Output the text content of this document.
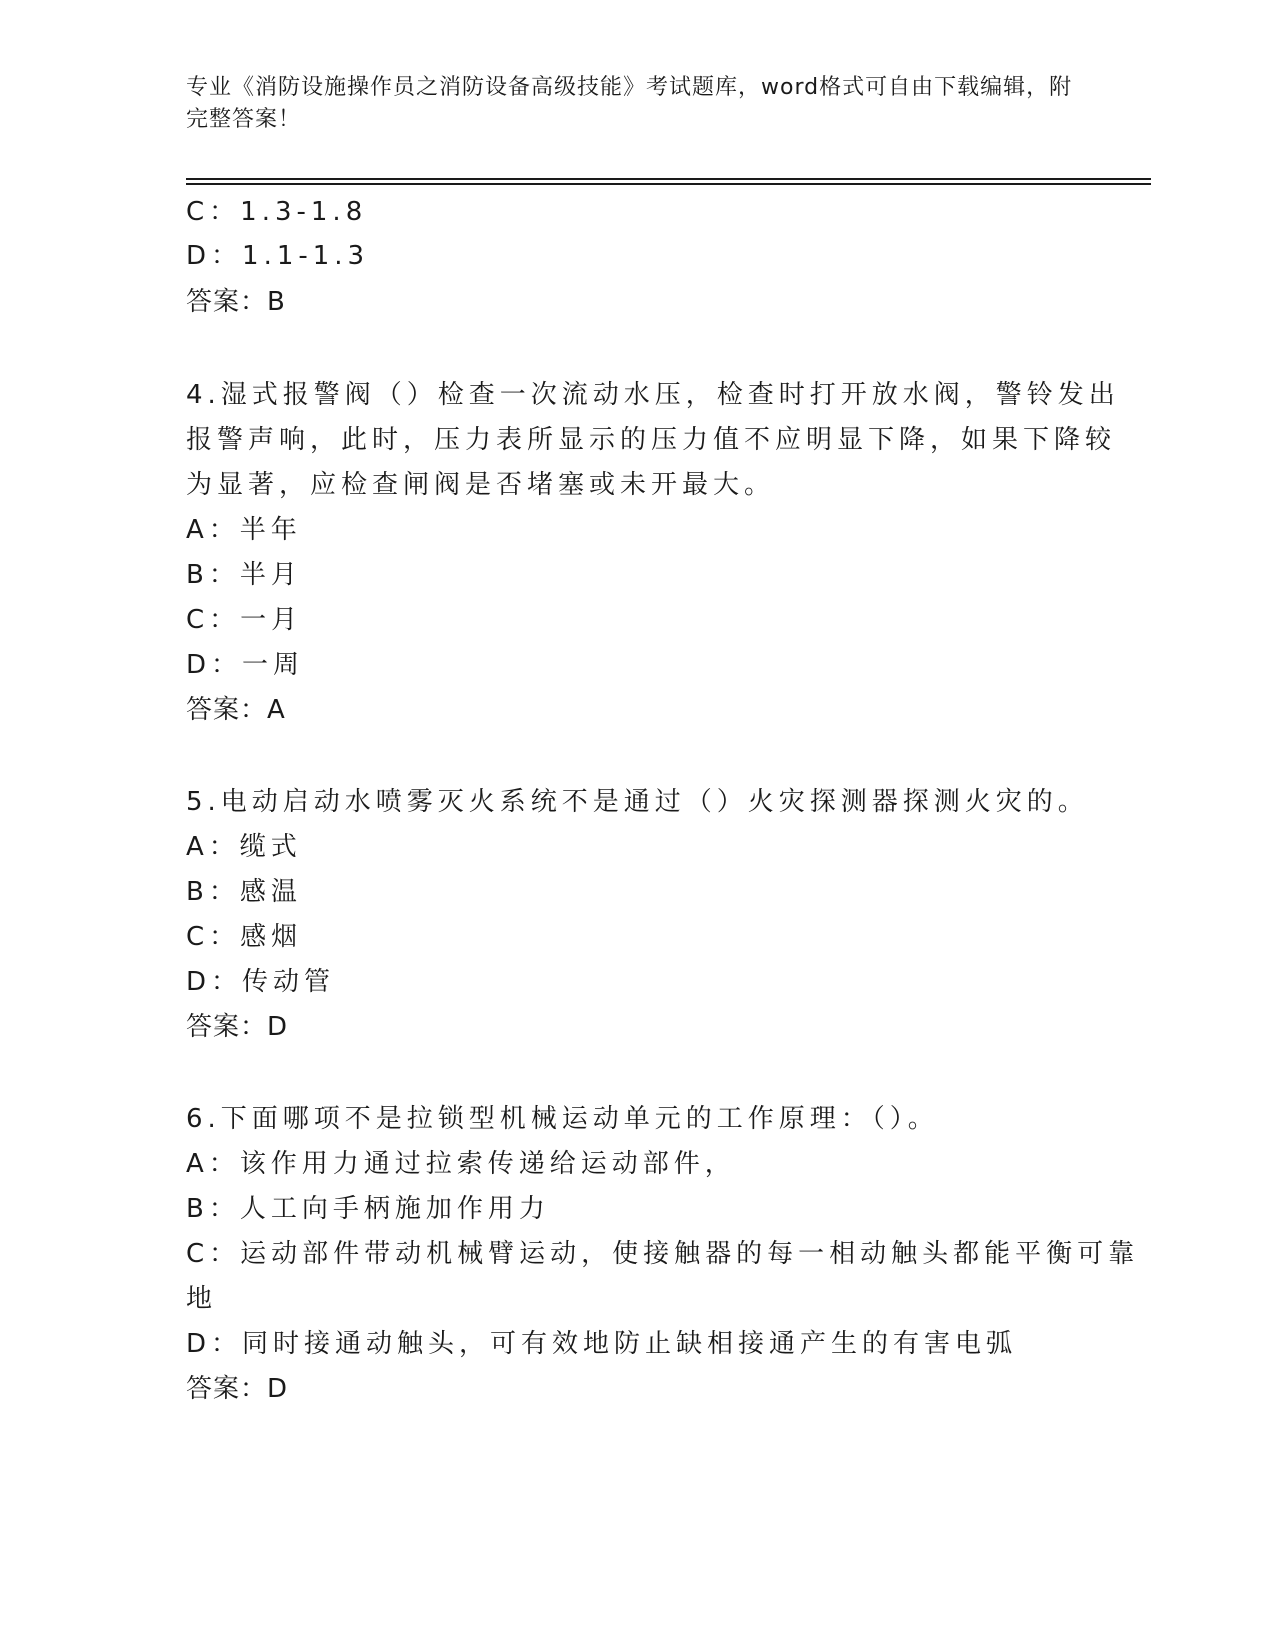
专业《消防设施操作员之消防设备高级技能》考试题库，word格式可自由下载编辑，附完整答案！
C：1.3-1.8
D：1.1-1.3
答案：B
4.湿式报警阀（）检查一次流动水压，检查时打开放水阀，警铃发出
报警声响，此时，压力表所显示的压力值不应明显下降，如果下降较
为显著，应检查闸阀是否堵塞或未开最大。
A：半年
B：半月
C：一月
D：一周
答案：A
5.电动启动水喷雾灭火系统不是通过（）火灾探测器探测火灾的。
A：缆式
B：感温
C：感烟
D：传动管
答案：D
6.下面哪项不是拉锁型机械运动单元的工作原理：（）。
A：该作用力通过拉索传递给运动部件，
B：人工向手柄施加作用力
C：运动部件带动机械臂运动，使接触器的每一相动触头都能平衡可靠
地
D：同时接通动触头，可有效地防止缺相接通产生的有害电弧
答案：D
